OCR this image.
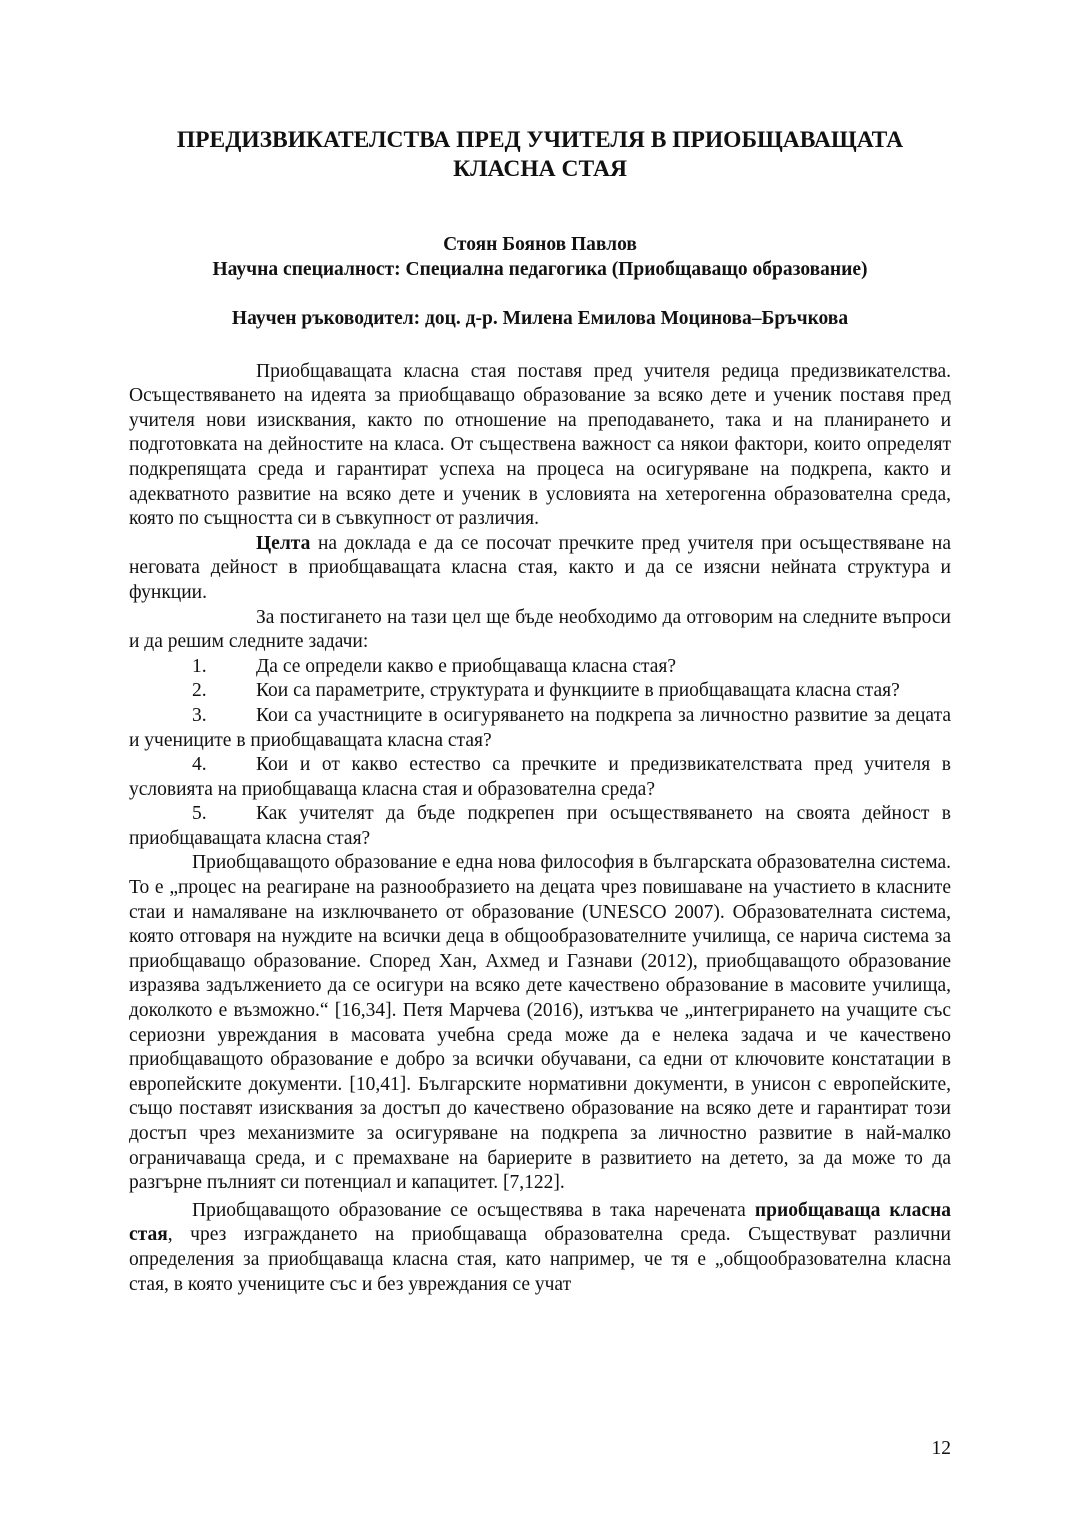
ПРЕДИЗВИКАТЕЛСТВА ПРЕД УЧИТЕЛЯ В ПРИОБЩАВАЩАТА
КЛАСНА СТАЯ
Стоян Боянов Павлов
Научна специалност: Специална педагогика (Приобщаващо образование)
Научен ръководител: доц. д-р. Милена Емилова Моцинова–Бръчкова

Приобщаващата класна стая поставя пред учителя редица предизвикателства. Осъществяването на идеята за приобщаващо образование за всяко дете и ученик поставя пред учителя нови изисквания, както по отношение на преподаването, така и на планирането и подготовката на дейностите на класа. От съществена важност са някои фактори, които определят подкрепящата среда и гарантират успеха на процеса на осигуряване на подкрепа, както и адекватното развитие на всяко дете и ученик в условията на хетерогенна образователна среда, която по същността си в съвкупност от различия.

Целта на доклада е да се посочат пречките пред учителя при осъществяване на неговата дейност в приобщаващата класна стая, както и да се изясни нейната структура и функции.

За постигането на тази цел ще бъде необходимо да отговорим на следните въпроси и да решим следните задачи:

1.	Да се определи какво е приобщаваща класна стая?

2.	Кои са параметрите, структурата и функциите в приобщаващата класна стая?

3.	Кои са участниците в осигуряването на подкрепа за личностно развитие за децата и учениците в приобщаващата класна стая?

4.	Кои и от какво естество са пречките и предизвикателствата пред учителя в условията на приобщаваща класна стая и образователна среда?

5.	Как учителят да бъде подкрепен при осъществяването на своята дейност в приобщаващата класна стая?

Приобщаващото образование е една нова философия в българската образователна система. То е „процес на реагиране на разнообразието на децата чрез повишаване на участието в класните стаи и намаляване на изключването от образование (UNESCO 2007). Образователната система, която отговаря на нуждите на всички деца в общообразователните училища, се нарича система за приобщаващо образование. Според Хан, Ахмед и Газнави (2012), приобщаващото образование изразява задължението да се осигури на всяко дете качествено образование в масовите училища, доколкото е възможно.“ [16,34]. Петя Марчева (2016), изтъква че „интегрирането на учащите със сериозни увреждания в масовата учебна среда може да е нелека задача и че качествено приобщаващото образование е добро за всички обучавани, са едни от ключовите констатации в европейските документи. [10,41]. Българските нормативни документи, в унисон с европейските, също поставят изисквания за достъп до качествено образование на всяко дете и гарантират този достъп чрез механизмите за осигуряване на подкрепа за личностно развитие в най-малко ограничаваща среда, и с премахване на бариерите в развитието на детето, за да може то да разгърне пълният си потенциал и капацитет. [7,122].

Приобщаващото образование се осъществява в така наречената приобщаваща класна стая, чрез изграждането на приобщаваща образователна среда. Съществуват различни определения за приобщаваща класна стая, като например, че тя е „общообразователна класна стая, в която учениците със и без увреждания се учат

12
